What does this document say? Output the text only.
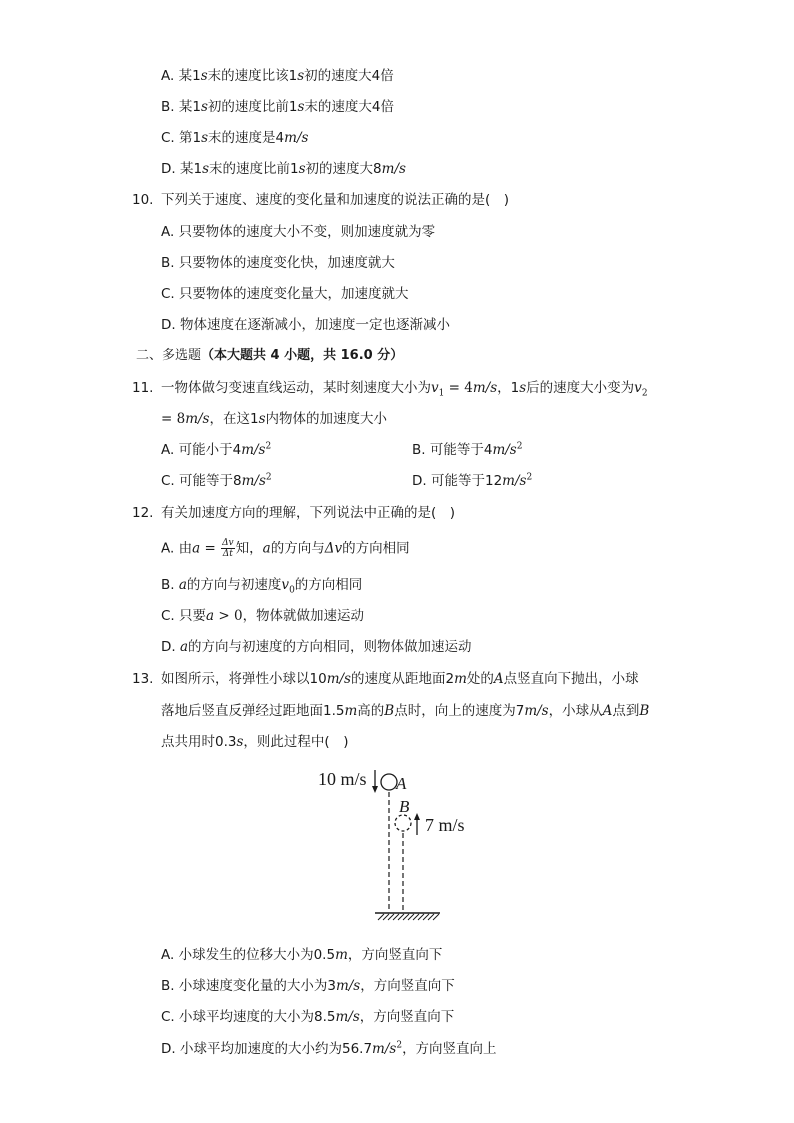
A. 某1s末的速度比该1s初的速度大4倍
B. 某1s初的速度比前1s末的速度大4倍
C. 第1s末的速度是4m/s
D. 某1s末的速度比前1s初的速度大8m/s
10. 下列关于速度、速度的变化量和加速度的说法正确的是(　)
A. 只要物体的速度大小不变，则加速度就为零
B. 只要物体的速度变化快，加速度就大
C. 只要物体的速度变化量大，加速度就大
D. 物体速度在逐渐减小，加速度一定也逐渐减小
二、多选题（本大题共 4 小题，共 16.0 分）
11. 一物体做匀变速直线运动，某时刻速度大小为$v_1 = 4m/s$，1s后的速度大小变为$v_2$
= 8m/s，在这1s内物体的加速度大小
A. 可能小于$4m/s^2$	B. 可能等于$4m/s^2$
C. 可能等于$8m/s^2$	D. 可能等于$12m/s^2$
12. 有关加速度方向的理解，下列说法中正确的是(　)
A. 由$a = \frac{\Delta v}{\Delta t}$ 知，a的方向与Δv的方向相同
B. a的方向与初速度$v_0$的方向相同
C. 只要a > 0，物体就做加速运动
D. a的方向与初速度的方向相同，则物体做加速运动
13. 如图所示，将弹性小球以10m/s的速度从距地面2m处的A点竖直向下抛出，小球
落地后竖直反弹经过距地面1.5m高的B点时，向上的速度为7m/s，小球从A点到B
点共用时0.3s，则此过程中(　)
10 m/s A
B
7 m/s
A. 小球发生的位移大小为0.5m，方向竖直向下
B. 小球速度变化量的大小为3m/s，方向竖直向下
C. 小球平均速度的大小为8.5m/s，方向竖直向下
D. 小球平均加速度的大小约为$56.7m/s^2$，方向竖直向上
